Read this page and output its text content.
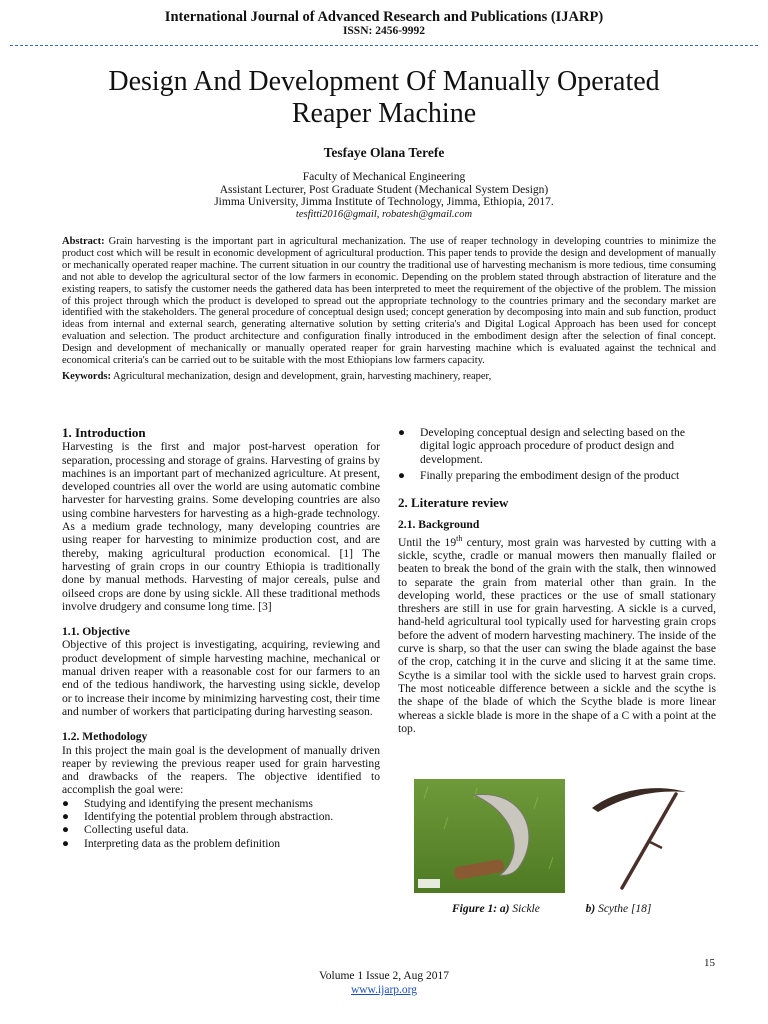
International Journal of Advanced Research and Publications (IJARP)
ISSN: 2456-9992
Design And Development Of Manually Operated
Reaper Machine
Tesfaye Olana Terefe
Faculty of Mechanical Engineering
Assistant Lecturer, Post Graduate Student (Mechanical System Design)
Jimma University, Jimma Institute of Technology, Jimma, Ethiopia, 2017.
tesfitti2016@gmail, robatesh@gmail.com
Abstract: Grain harvesting is the important part in agricultural mechanization. The use of reaper technology in developing countries to minimize the product cost which will be result in economic development of agricultural production. This paper tends to provide the design and development of manually or mechanically operated reaper machine. The current situation in our country the traditional use of harvesting mechanism is more tedious, time consuming and not able to develop the agricultural sector of the low farmers in economic. Depending on the problem stated through abstraction of literature and the existing reapers, to satisfy the customer needs the gathered data has been interpreted to meet the requirement of the objective of the problem. The mission of this project through which the product is developed to spread out the appropriate technology to the countries primary and the secondary market are identified with the stakeholders. The general procedure of conceptual design used; concept generation by decomposing into main and sub function, product ideas from internal and external search, generating alternative solution by setting criteria's and Digital Logical Approach has been used for concept evaluation and selection. The product architecture and configuration finally introduced in the embodiment design after the selection of final concept. Design and development of mechanically or manually operated reaper for grain harvesting machine which is evaluated against the technical and economical criteria's can be carried out to be suitable with the most Ethiopians low farmers capacity.
Keywords: Agricultural mechanization, design and development, grain, harvesting machinery, reaper,
1. Introduction

Harvesting is the first and major post-harvest operation for separation, processing and storage of grains. Harvesting of grains by machines is an important part of mechanized agriculture. At present, developed countries all over the world are using automatic combine harvester for harvesting grains. Some developing countries are also using combine harvesters for harvesting as a high-grade technology. As a medium grade technology, many developing countries are using reaper for harvesting to minimize production cost, and are thereby, making agricultural production economical. [1] The harvesting of grain crops in our country Ethiopia is traditionally done by manual methods. Harvesting of major cereals, pulse and oilseed crops are done by using sickle. All these traditional methods involve drudgery and consume long time. [3]

1.1. Objective

Objective of this project is investigating, acquiring, reviewing and product development of simple harvesting machine, mechanical or manual driven reaper with a reasonable cost for our farmers to an end of the tedious handiwork, the harvesting using sickle, develop or to increase their income by minimizing harvesting cost, their time and number of workers that participating during harvesting season.

1.2. Methodology

In this project the main goal is the development of manually driven reaper by reviewing the previous reaper used for grain harvesting and drawbacks of the reapers. The objective identified to accomplish the goal were:

● Studying and identifying the present mechanisms
● Identifying the potential problem through abstraction.
● Collecting useful data.
● Interpreting data as the problem definition
● Developing conceptual design and selecting based on the digital logic approach procedure of product design and development.
● Finally preparing the embodiment design of the product
2. Literature review
2.1. Background

Until the 19th century, most grain was harvested by cutting with a sickle, scythe, cradle or manual mowers then manually flailed or beaten to break the bond of the grain with the stalk, then winnowed to separate the grain from material other than grain. In the developing world, these practices or the use of small stationary threshers are still in use for grain harvesting. A sickle is a curved, hand-held agricultural tool typically used for harvesting grain crops before the advent of modern harvesting machinery. The inside of the curve is sharp, so that the user can swing the blade against the base of the crop, catching it in the curve and slicing it at the same time. Scythe is a similar tool with the sickle used to harvest grain crops. The most noticeable difference between a sickle and the scythe is the shape of the blade of which the Scythe blade is more linear whereas a sickle blade is more in the shape of a C with a point at the top.

Figure 1: a) Sickle	b) Scythe [18]
15
Volume 1 Issue 2, Aug 2017
www.ijarp.org
